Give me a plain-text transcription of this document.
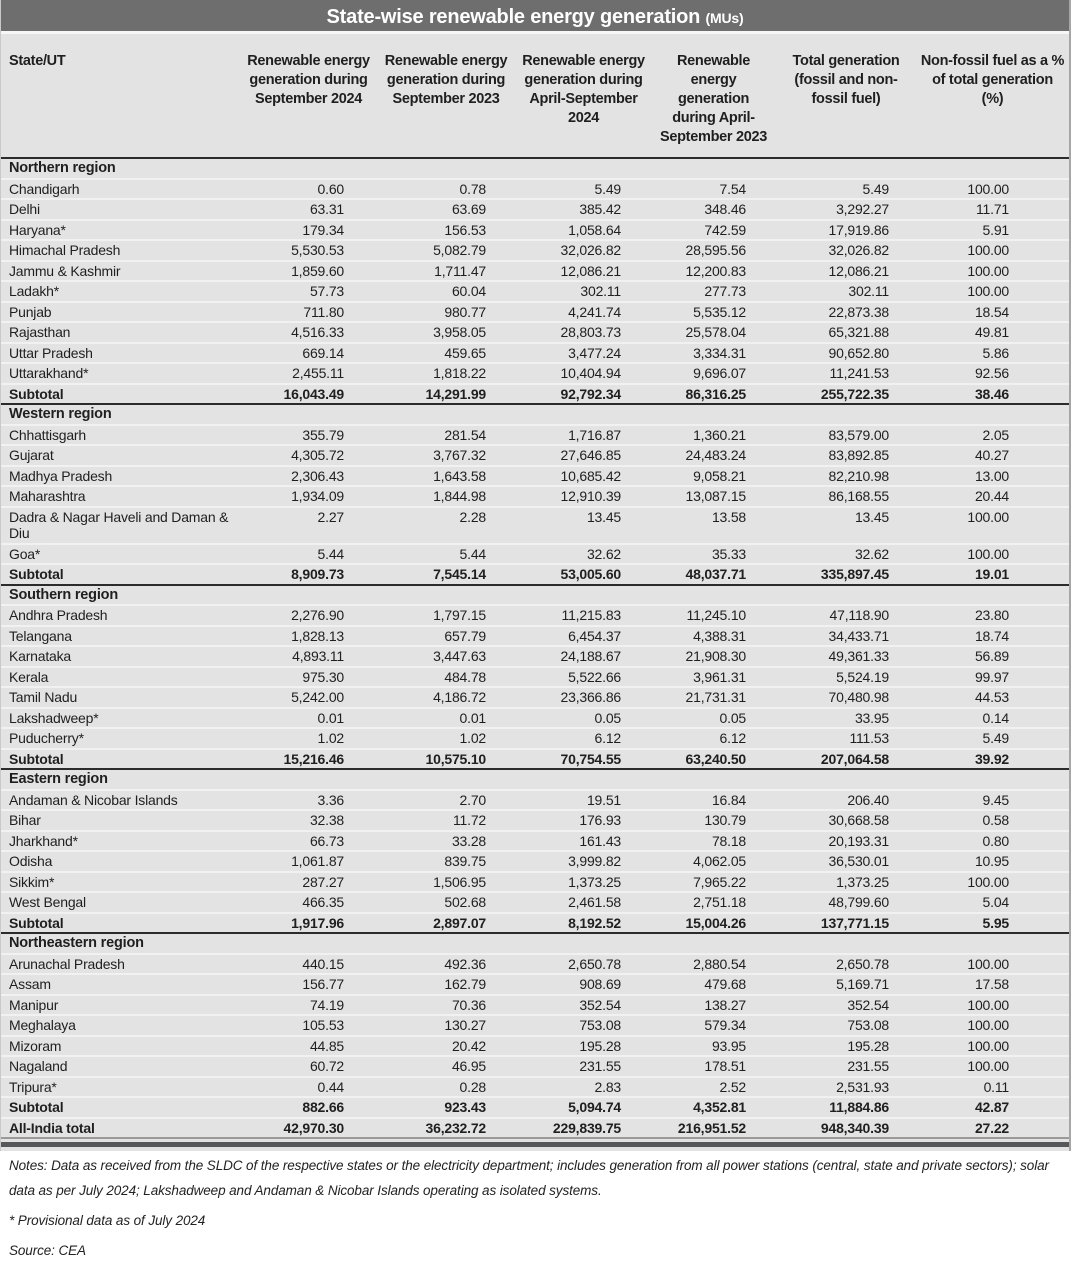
State-wise renewable energy generation (MUs)
State/UT	Renewable energy generation during September 2024	Renewable energy generation during September 2023	Renewable energy generation during April-September 2024	Renewable energy generation during April-September 2023	Total generation (fossil and non-fossil fuel)	Non-fossil fuel as a % of total generation (%)
Northern region						
Chandigarh	0.60	0.78	5.49	7.54	5.49	100.00
Delhi	63.31	63.69	385.42	348.46	3,292.27	11.71
Haryana*	179.34	156.53	1,058.64	742.59	17,919.86	5.91
Himachal Pradesh	5,530.53	5,082.79	32,026.82	28,595.56	32,026.82	100.00
Jammu & Kashmir	1,859.60	1,711.47	12,086.21	12,200.83	12,086.21	100.00
Ladakh*	57.73	60.04	302.11	277.73	302.11	100.00
Punjab	711.80	980.77	4,241.74	5,535.12	22,873.38	18.54
Rajasthan	4,516.33	3,958.05	28,803.73	25,578.04	65,321.88	49.81
Uttar Pradesh	669.14	459.65	3,477.24	3,334.31	90,652.80	5.86
Uttarakhand*	2,455.11	1,818.22	10,404.94	9,696.07	11,241.53	92.56
Subtotal	16,043.49	14,291.99	92,792.34	86,316.25	255,722.35	38.46
Western region						
Chhattisgarh	355.79	281.54	1,716.87	1,360.21	83,579.00	2.05
Gujarat	4,305.72	3,767.32	27,646.85	24,483.24	83,892.85	40.27
Madhya Pradesh	2,306.43	1,643.58	10,685.42	9,058.21	82,210.98	13.00
Maharashtra	1,934.09	1,844.98	12,910.39	13,087.15	86,168.55	20.44
Dadra & Nagar Haveli and Daman & Diu	2.27	2.28	13.45	13.58	13.45	100.00
Goa*	5.44	5.44	32.62	35.33	32.62	100.00
Subtotal	8,909.73	7,545.14	53,005.60	48,037.71	335,897.45	19.01
Southern region						
Andhra Pradesh	2,276.90	1,797.15	11,215.83	11,245.10	47,118.90	23.80
Telangana	1,828.13	657.79	6,454.37	4,388.31	34,433.71	18.74
Karnataka	4,893.11	3,447.63	24,188.67	21,908.30	49,361.33	56.89
Kerala	975.30	484.78	5,522.66	3,961.31	5,524.19	99.97
Tamil Nadu	5,242.00	4,186.72	23,366.86	21,731.31	70,480.98	44.53
Lakshadweep*	0.01	0.01	0.05	0.05	33.95	0.14
Puducherry*	1.02	1.02	6.12	6.12	111.53	5.49
Subtotal	15,216.46	10,575.10	70,754.55	63,240.50	207,064.58	39.92
Eastern region						
Andaman & Nicobar Islands	3.36	2.70	19.51	16.84	206.40	9.45
Bihar	32.38	11.72	176.93	130.79	30,668.58	0.58
Jharkhand*	66.73	33.28	161.43	78.18	20,193.31	0.80
Odisha	1,061.87	839.75	3,999.82	4,062.05	36,530.01	10.95
Sikkim*	287.27	1,506.95	1,373.25	7,965.22	1,373.25	100.00
West Bengal	466.35	502.68	2,461.58	2,751.18	48,799.60	5.04
Subtotal	1,917.96	2,897.07	8,192.52	15,004.26	137,771.15	5.95
Northeastern region						
Arunachal Pradesh	440.15	492.36	2,650.78	2,880.54	2,650.78	100.00
Assam	156.77	162.79	908.69	479.68	5,169.71	17.58
Manipur	74.19	70.36	352.54	138.27	352.54	100.00
Meghalaya	105.53	130.27	753.08	579.34	753.08	100.00
Mizoram	44.85	20.42	195.28	93.95	195.28	100.00
Nagaland	60.72	46.95	231.55	178.51	231.55	100.00
Tripura*	0.44	0.28	2.83	2.52	2,531.93	0.11
Subtotal	882.66	923.43	5,094.74	4,352.81	11,884.86	42.87
All-India total	42,970.30	36,232.72	229,839.75	216,951.52	948,340.39	27.22

Notes: Data as received from the SLDC of the respective states or the electricity department; includes generation from all power stations (central, state and private sectors); solar data as per July 2024; Lakshadweep and Andaman & Nicobar Islands operating as isolated systems.

* Provisional data as of July 2024

Source: CEA
